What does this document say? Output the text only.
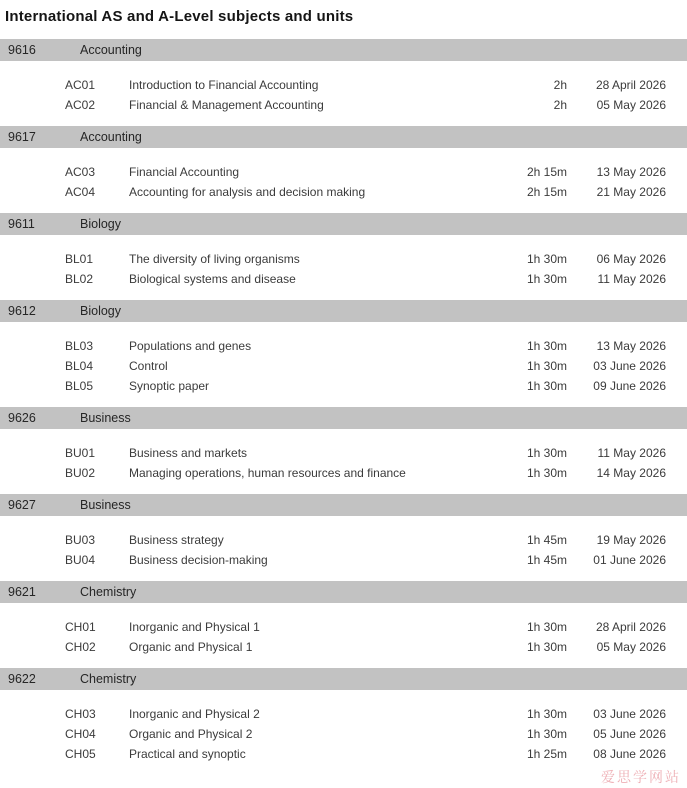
International AS and A-Level subjects and units
9616	Accounting
AC01	Introduction to Financial Accounting	2h	28 April 2026
AC02	Financial & Management Accounting	2h	05 May 2026
9617	Accounting
AC03	Financial Accounting	2h 15m	13 May 2026
AC04	Accounting for analysis and decision making	2h 15m	21 May 2026
9611	Biology
BL01	The diversity of living organisms	1h 30m	06 May 2026
BL02	Biological systems and disease	1h 30m	11 May 2026
9612	Biology
BL03	Populations and genes	1h 30m	13 May 2026
BL04	Control	1h 30m	03 June 2026
BL05	Synoptic paper	1h 30m	09 June 2026
9626	Business
BU01	Business and markets	1h 30m	11 May 2026
BU02	Managing operations, human resources and finance	1h 30m	14 May 2026
9627	Business
BU03	Business strategy	1h 45m	19 May 2026
BU04	Business decision-making	1h 45m	01 June 2026
9621	Chemistry
CH01	Inorganic and Physical 1	1h 30m	28 April 2026
CH02	Organic and Physical 1	1h 30m	05 May 2026
9622	Chemistry
CH03	Inorganic and Physical 2	1h 30m	03 June 2026
CH04	Organic and Physical 2	1h 30m	05 June 2026
CH05	Practical and synoptic	1h 25m	08 June 2026
爱思学网站
